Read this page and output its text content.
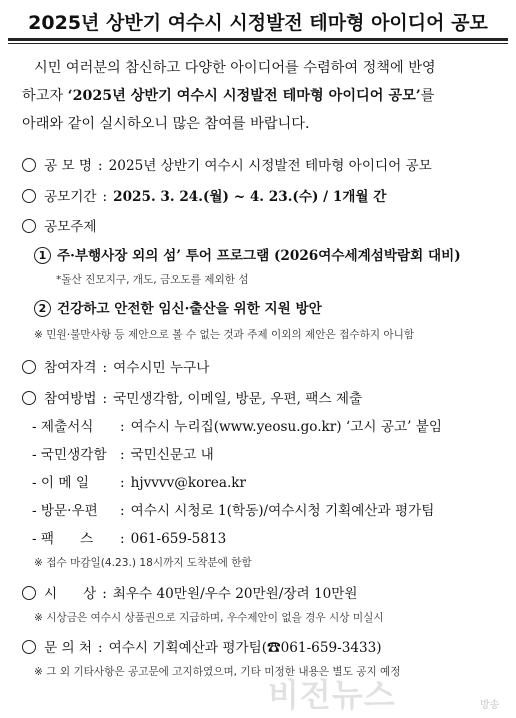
2025년 상반기 여수시 시정발전 테마형 아이디어 공모
시민 여러분의 참신하고 다양한 아이디어를 수렴하여 정책에 반영
하고자 ‘2025년 상반기 여수시 시정발전 테마형 아이디어 공모’를
아래와 같이 실시하오니 많은 참여를 바랍니다.
공 모 명 : 2025년 상반기 여수시 시정발전 테마형 아이디어 공모
공모기간 : 2025. 3. 24.(월) ~ 4. 23.(수) / 1개월 간
공모주제
1 주·부행사장 외의 섬’ 투어 프로그램 (2026여수세계섬박람회 대비)
*돌산 진모지구, 개도, 금오도를 제외한 섬
2 건강하고 안전한 임신·출산을 위한 지원 방안
※ 민원·불만사항 등 제안으로 볼 수 없는 것과 주제 이외의 제안은 접수하지 아니함
참여자격 : 여수시민 누구나
참여방법 : 국민생각함, 이메일, 방문, 우편, 팩스 제출
- 제출서식 : 여수시 누리집(www.yeosu.go.kr) ‘고시 공고’ 붙임
- 국민생각함 : 국민신문고 내
- 이 메 일 : hjvvvv@korea.kr
- 방문·우편 : 여수시 시청로 1(학동)/여수시청 기획예산과 평가팀
- 팩      스 : 061-659-5813
※ 접수 마감일(4.23.) 18시까지 도착분에 한함
시      상 : 최우수 40만원/우수 20만원/장려 10만원
※ 시상금은 여수시 상품권으로 지급하며, 우수제안이 없을 경우 시상 미실시
문 의 처 : 여수시 기획예산과 평가팀(☎061-659-3433)
※ 그 외 기타사항은 공고문에 고지하였으며, 기타 미정한 내용은 별도 공지 예정
비전뉴스	방송
